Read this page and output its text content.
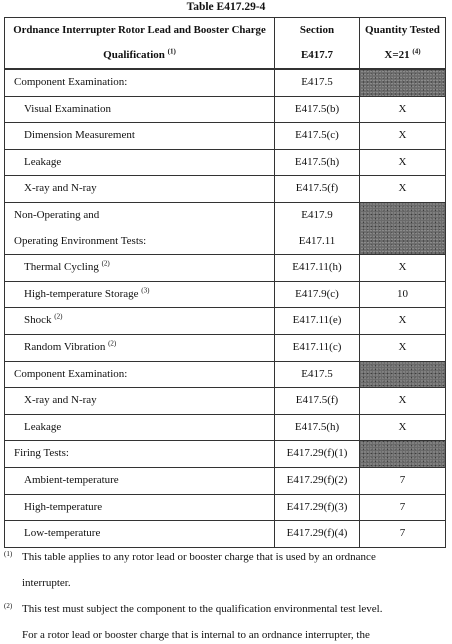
Table E417.29-4
Ordnance Interrupter Rotor Lead and Booster Charge	Section	Quantity Tested
Qualification $^{(1)}$	E417.7	X=21 $^{(4)}$
Component Examination:	E417.5	
Visual Examination	E417.5(b)	X
Dimension Measurement	E417.5(c)	X
Leakage	E417.5(h)	X
X-ray and N-ray	E417.5(f)	X
Non-Operating and	E417.9	
Operating Environment Tests:	E417.11	
Thermal Cycling $^{(2)}$	E417.11(h)	X
High-temperature Storage $^{(3)}$	E417.9(c)	10
Shock $^{(2)}$	E417.11(e)	X
Random Vibration $^{(2)}$	E417.11(c)	X
Component Examination:	E417.5	
X-ray and N-ray	E417.5(f)	X
Leakage	E417.5(h)	X
Firing Tests:	E417.29(f)(1)	
Ambient-temperature	E417.29(f)(2)	7
High-temperature	E417.29(f)(3)	7
Low-temperature	E417.29(f)(4)	7
(1) This table applies to any rotor lead or booster charge that is used by an ordnance
interrupter.
(2) This test must subject the component to the qualification environmental test level.
For a rotor lead or booster charge that is internal to an ordnance interrupter, the
